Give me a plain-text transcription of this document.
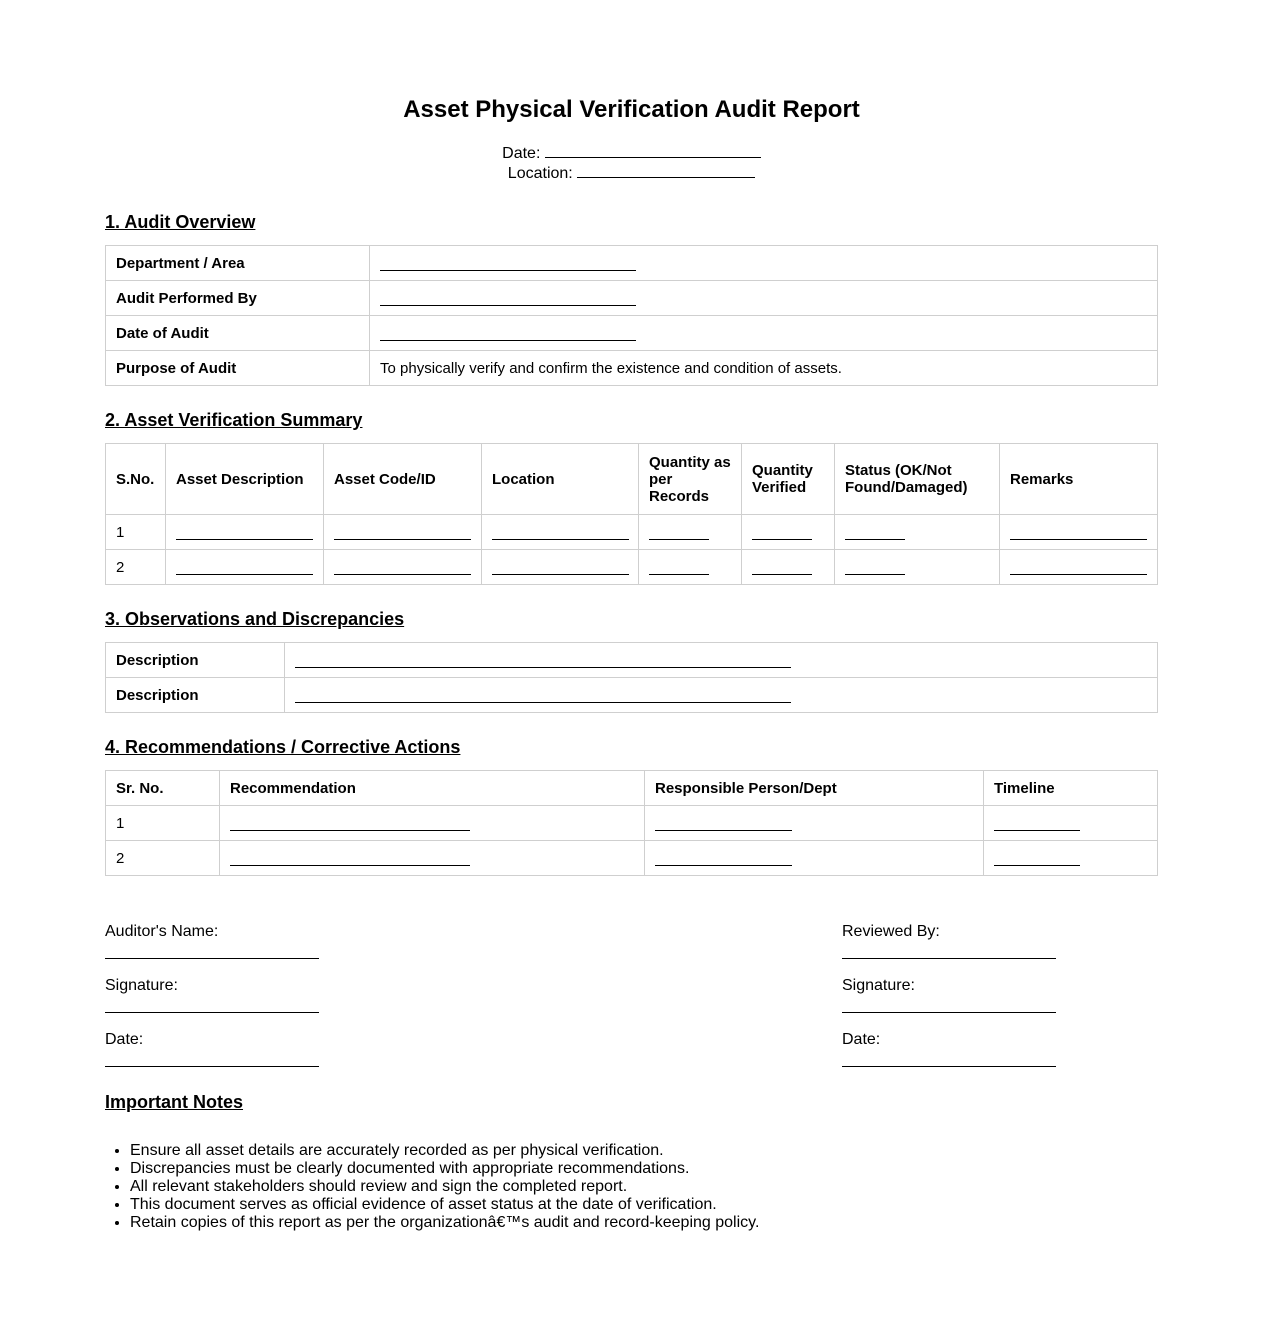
Asset Physical Verification Audit Report
Date:
Location:
1. Audit Overview
Department / Area	
Audit Performed By	
Date of Audit	
Purpose of Audit	To physically verify and confirm the existence and condition of assets.
2. Asset Verification Summary
S.No.	Asset Description	Asset Code/ID	Location	Quantity as per Records	Quantity Verified	Status (OK/Not Found/Damaged)	Remarks
1							
2							
3. Observations and Discrepancies
Description	
Description	
4. Recommendations / Corrective Actions
Sr. No.	Recommendation	Responsible Person/Dept	Timeline
1			
2			
Auditor's Name:
Signature:
Date:
Reviewed By:
Signature:
Date:
Important Notes
• Ensure all asset details are accurately recorded as per physical verification.
• Discrepancies must be clearly documented with appropriate recommendations.
• All relevant stakeholders should review and sign the completed report.
• This document serves as official evidence of asset status at the date of verification.
• Retain copies of this report as per the organizationâ€™s audit and record-keeping policy.
